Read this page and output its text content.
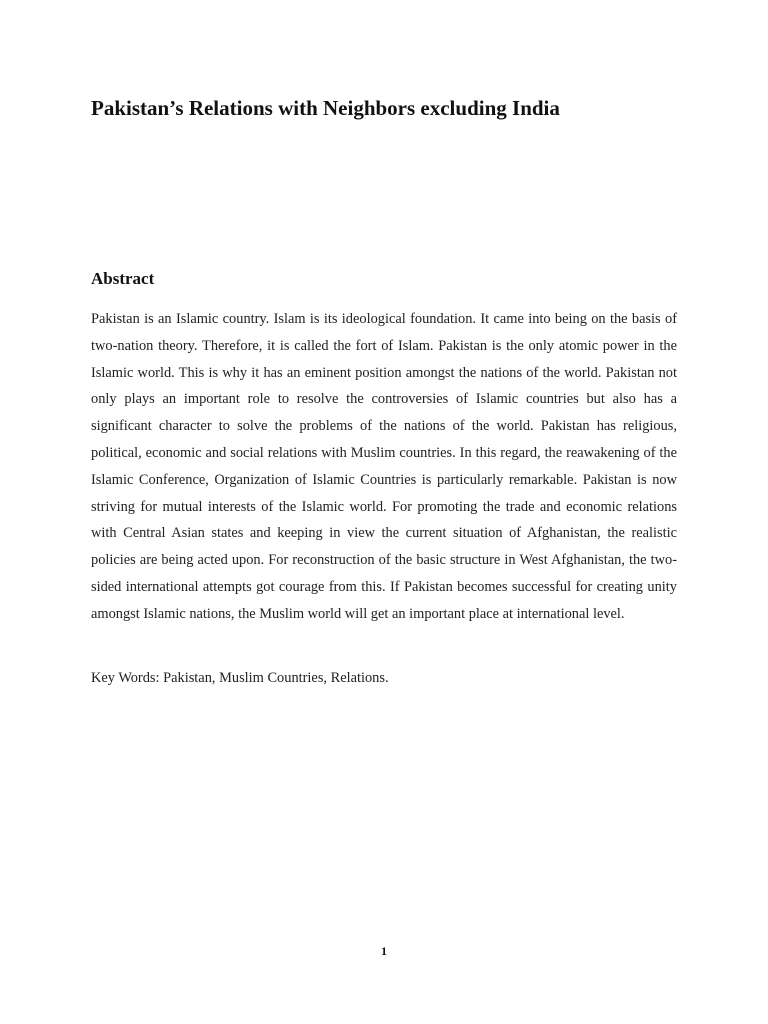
Pakistan’s Relations with Neighbors excluding India
Abstract

Pakistan is an Islamic country. Islam is its ideological foundation. It came into being on the basis of two-nation theory. Therefore, it is called the fort of Islam. Pakistan is the only atomic power in the Islamic world. This is why it has an eminent position amongst the nations of the world. Pakistan not only plays an important role to resolve the controversies of Islamic countries but also has a significant character to solve the problems of the nations of the world. Pakistan has religious, political, economic and social relations with Muslim countries. In this regard, the reawakening of the Islamic Conference, Organization of Islamic Countries is particularly remarkable. Pakistan is now striving for mutual interests of the Islamic world. For promoting the trade and economic relations with Central Asian states and keeping in view the current situation of Afghanistan, the realistic policies are being acted upon. For reconstruction of the basic structure in West Afghanistan, the two-sided international attempts got courage from this. If Pakistan becomes successful for creating unity amongst Islamic nations, the Muslim world will get an important place at international level.

Key Words: Pakistan, Muslim Countries, Relations.

1
